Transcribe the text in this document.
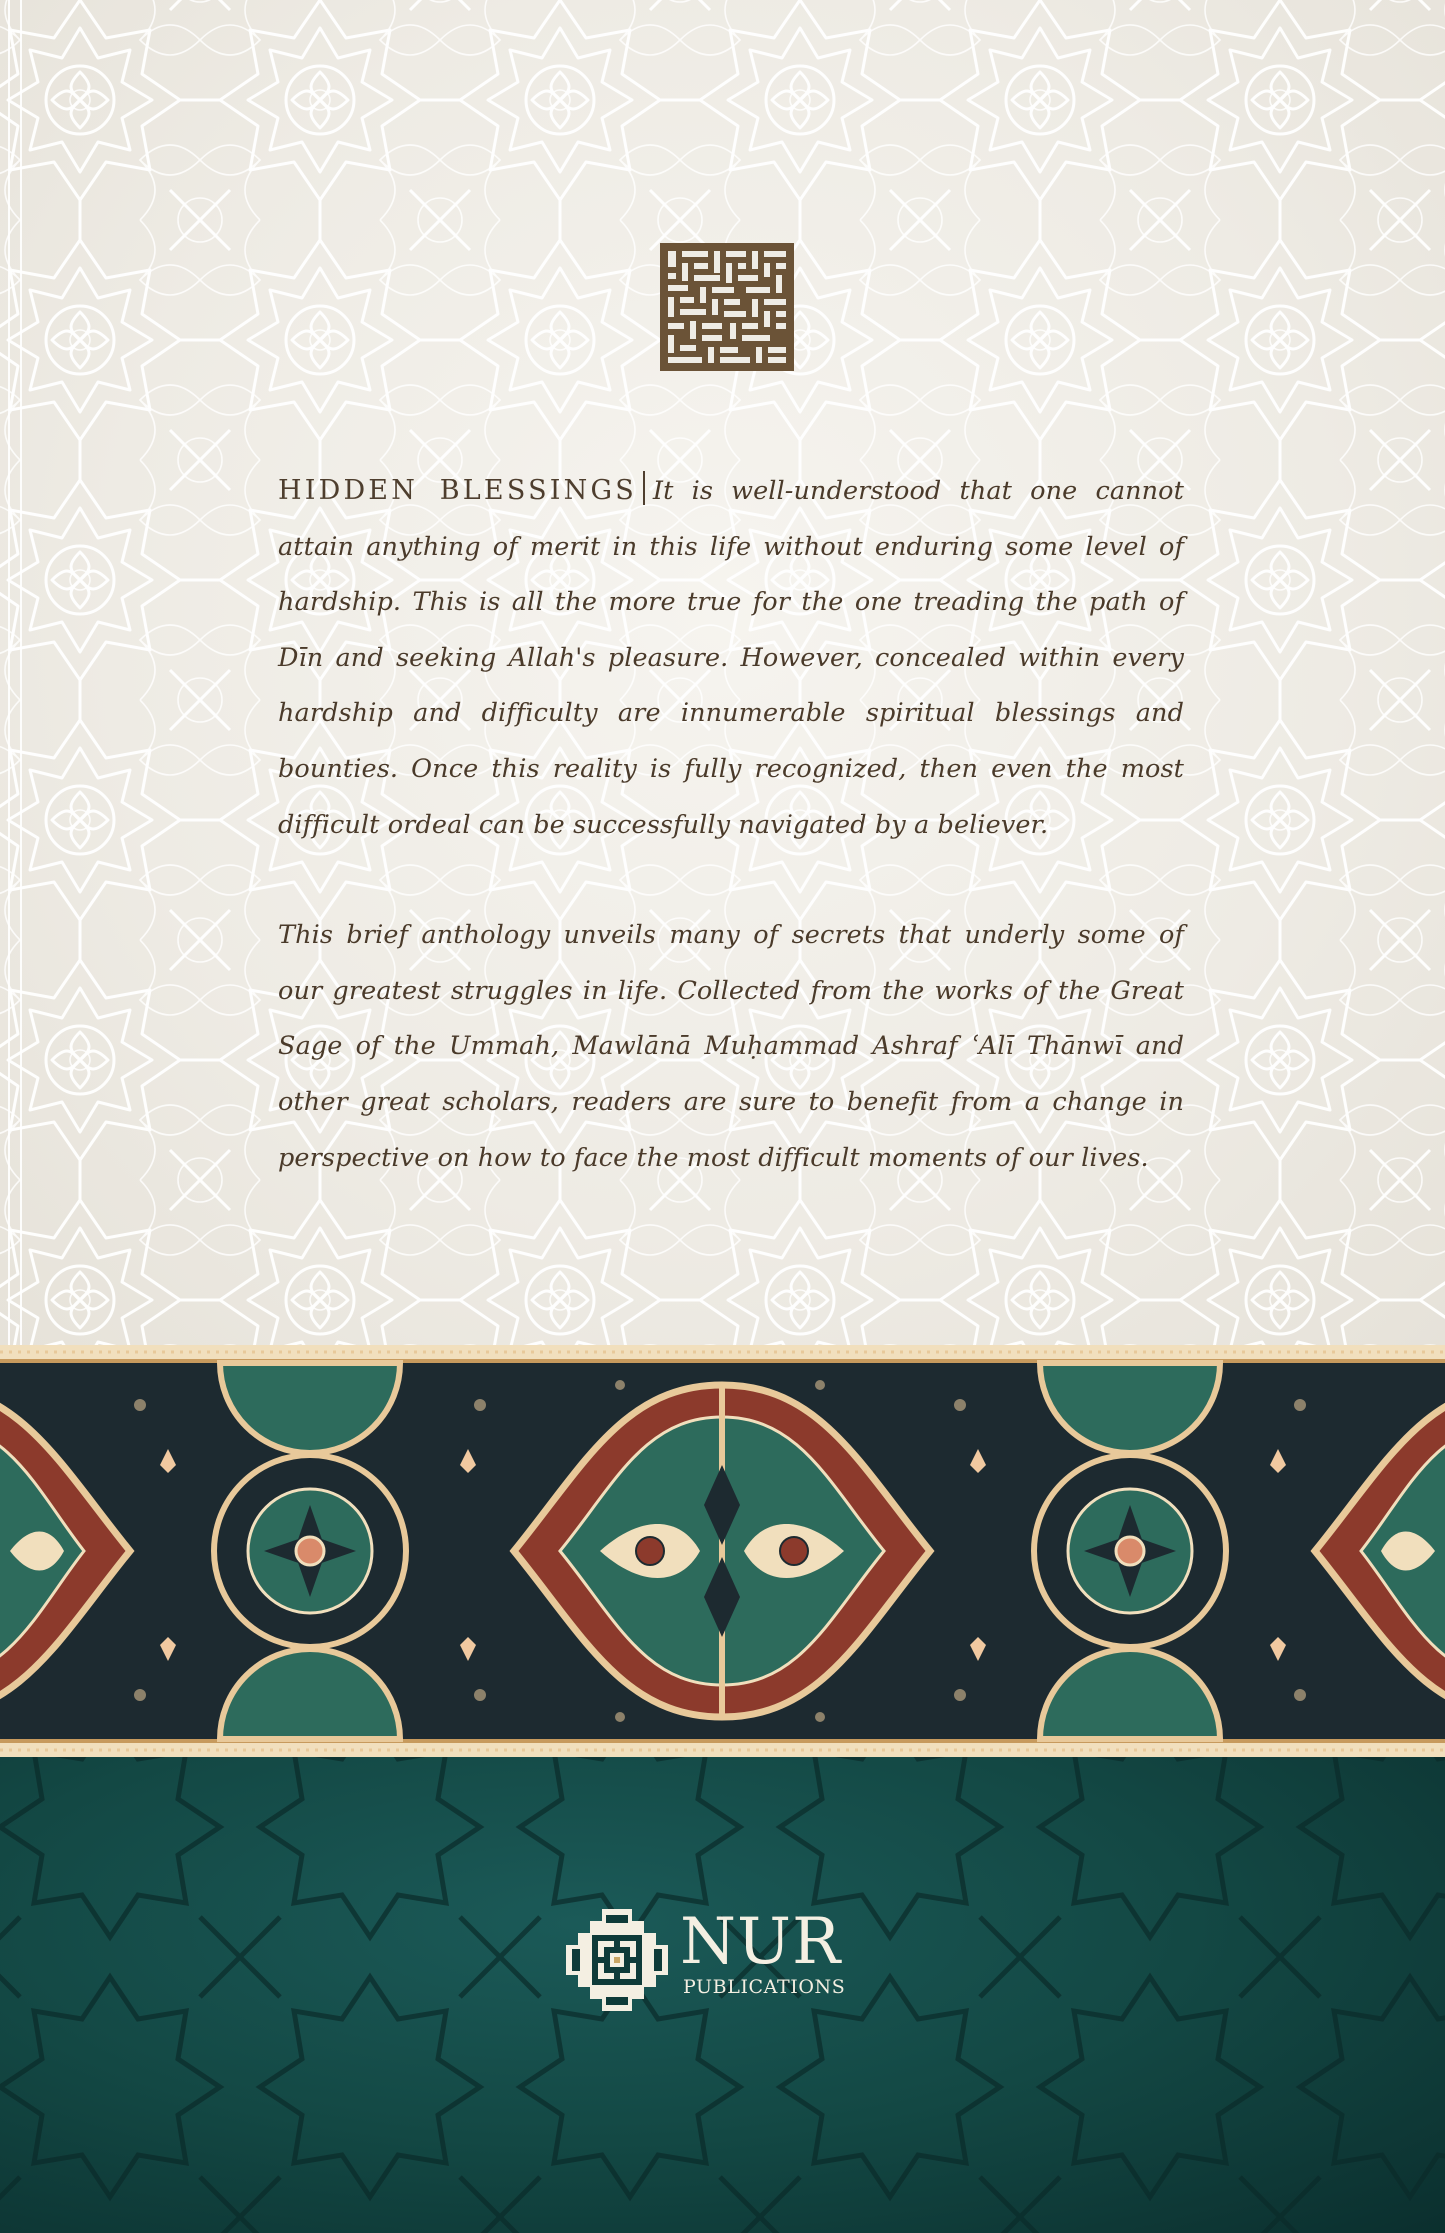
HIDDEN BLESSINGS It is well-understood that one cannot attain anything of merit in this life without enduring some level of hardship. This is all the more true for the one treading the path of Dīn and seeking Allah's pleasure. However, concealed within every hardship and difficulty are innumerable spiritual blessings and bounties. Once this reality is fully recognized, then even the most difficult ordeal can be successfully navigated by a believer.

This brief anthology unveils many of secrets that underly some of our greatest struggles in life. Collected from the works of the Great Sage of the Ummah, Mawlānā Muḥammad Ashraf ʿAlī Thānwī and other great scholars, readers are sure to benefit from a change in perspective on how to face the most difficult moments of our lives.

NUR
PUBLICATIONS
